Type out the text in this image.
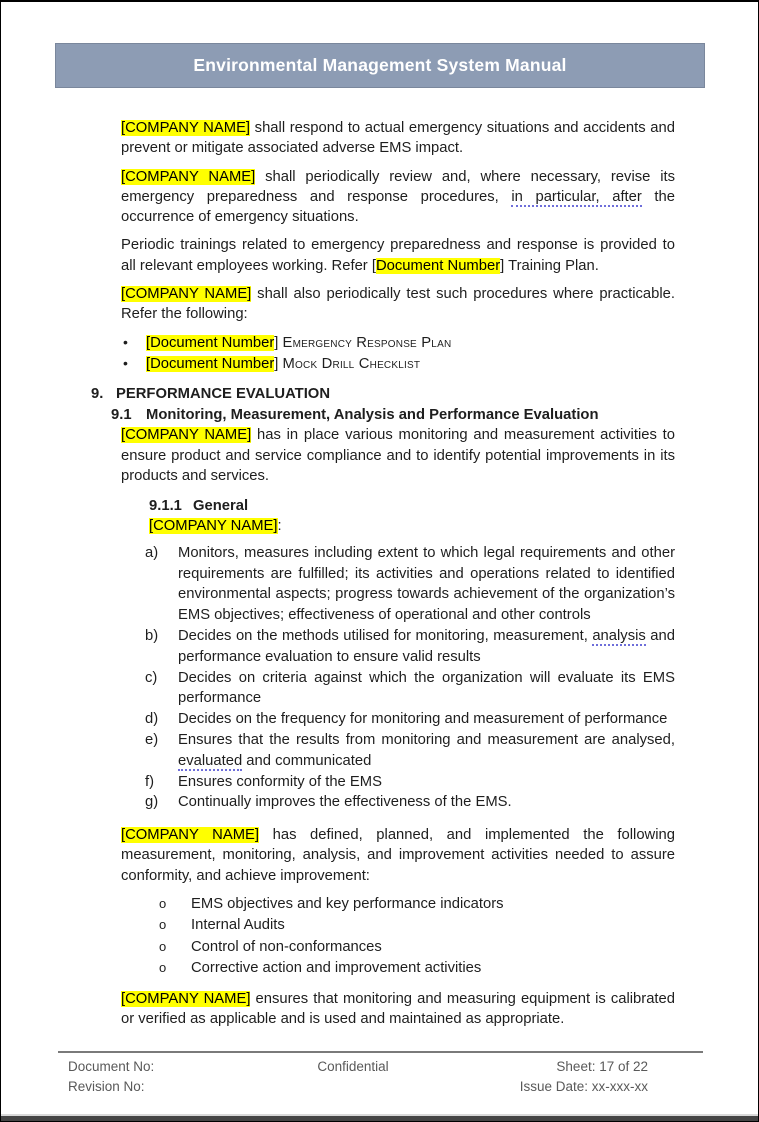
Environmental Management System Manual

[COMPANY NAME] shall respond to actual emergency situations and accidents and prevent or mitigate associated adverse EMS impact.

[COMPANY NAME] shall periodically review and, where necessary, revise its emergency preparedness and response procedures, in particular, after the occurrence of emergency situations.

Periodic trainings related to emergency preparedness and response is provided to all relevant employees working. Refer [Document Number] Training Plan.

[COMPANY NAME] shall also periodically test such procedures where practicable. Refer the following:

• [Document Number] Emergency Response Plan
• [Document Number] Mock Drill Checklist
9. PERFORMANCE EVALUATION
9.1 Monitoring, Measurement, Analysis and Performance Evaluation

[COMPANY NAME] has in place various monitoring and measurement activities to ensure product and service compliance and to identify potential improvements in its products and services.

9.1.1 General

[COMPANY NAME]:

a) Monitors, measures including extent to which legal requirements and other requirements are fulfilled; its activities and operations related to identified environmental aspects; progress towards achievement of the organization’s EMS objectives; effectiveness of operational and other controls
b) Decides on the methods utilised for monitoring, measurement, analysis and performance evaluation to ensure valid results
c) Decides on criteria against which the organization will evaluate its EMS performance
d) Decides on the frequency for monitoring and measurement of performance
e) Ensures that the results from monitoring and measurement are analysed, evaluated and communicated
f) Ensures conformity of the EMS
g) Continually improves the effectiveness of the EMS.

[COMPANY NAME] has defined, planned, and implemented the following measurement, monitoring, analysis, and improvement activities needed to assure conformity, and achieve improvement:

o EMS objectives and key performance indicators
o Internal Audits
o Control of non-conformances
o Corrective action and improvement activities

[COMPANY NAME] ensures that monitoring and measuring equipment is calibrated or verified as applicable and is used and maintained as appropriate.

Document No:	Confidential	Sheet: 17 of 22
Revision No:	Issue Date: xx-xxx-xx
